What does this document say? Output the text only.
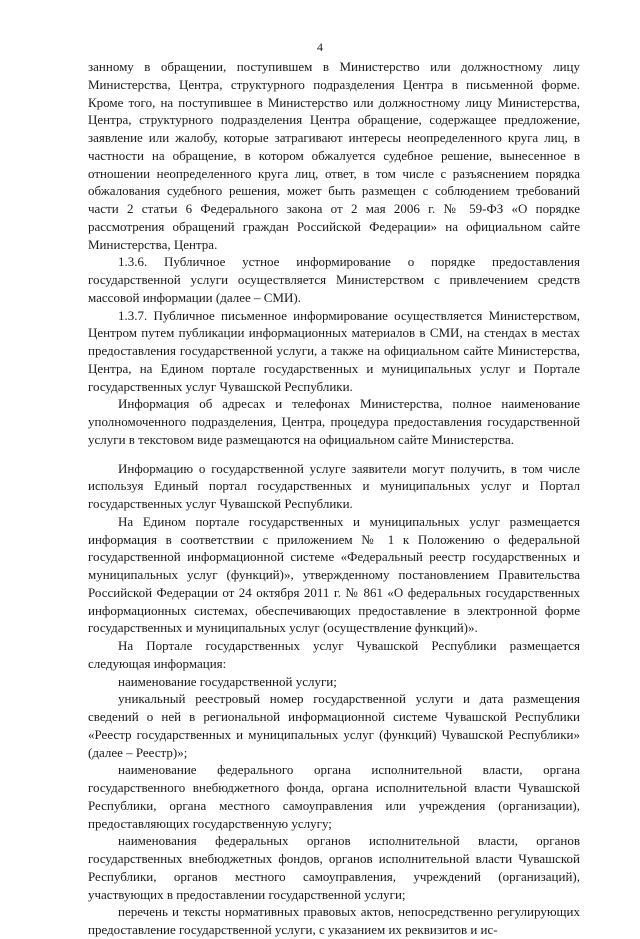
4

занному в обращении, поступившем в Министерство или должностному лицу Министерства, Центра, структурного подразделения Центра в письменной форме. Кроме того, на поступившее в Министерство или должностному лицу Министерства, Центра, структурного подразделения Центра обращение, содержащее предложение, заявление или жалобу, которые затрагивают интересы неопределенного круга лиц, в частности на обращение, в котором обжалуется судебное решение, вынесенное в отношении неопределенного круга лиц, ответ, в том числе с разъяснением порядка обжалования судебного решения, может быть размещен с соблюдением требований части 2 статьи 6 Федерального закона от 2 мая 2006 г. № 59-ФЗ «О порядке рассмотрения обращений граждан Российской Федерации» на официальном сайте Министерства, Центра.

1.3.6. Публичное устное информирование о порядке предоставления государственной услуги осуществляется Министерством с привлечением средств массовой информации (далее – СМИ).

1.3.7. Публичное письменное информирование осуществляется Министерством, Центром путем публикации информационных материалов в СМИ, на стендах в местах предоставления государственной услуги, а также на официальном сайте Министерства, Центра, на Едином портале государственных и муниципальных услуг и Портале государственных услуг Чувашской Республики.

Информация об адресах и телефонах Министерства, полное наименование уполномоченного подразделения, Центра, процедура предоставления государственной услуги в текстовом виде размещаются на официальном сайте Министерства.

Информацию о государственной услуге заявители могут получить, в том числе используя Единый портал государственных и муниципальных услуг и Портал государственных услуг Чувашской Республики.

На Едином портале государственных и муниципальных услуг размещается информация в соответствии с приложением № 1 к Положению о федеральной государственной информационной системе «Федеральный реестр государственных и муниципальных услуг (функций)», утвержденному постановлением Правительства Российской Федерации от 24 октября 2011 г. № 861 «О федеральных государственных информационных системах, обеспечивающих предоставление в электронной форме государственных и муниципальных услуг (осуществление функций)».

На Портале государственных услуг Чувашской Республики размещается следующая информация:

наименование государственной услуги;

уникальный реестровый номер государственной услуги и дата размещения сведений о ней в региональной информационной системе Чувашской Республики «Реестр государственных и муниципальных услуг (функций) Чувашской Республики» (далее – Реестр)»;

наименование федерального органа исполнительной власти, органа государственного внебюджетного фонда, органа исполнительной власти Чувашской Республики, органа местного самоуправления или учреждения (организации), предоставляющих государственную услугу;

наименования федеральных органов исполнительной власти, органов государственных внебюджетных фондов, органов исполнительной власти Чувашской Республики, органов местного самоуправления, учреждений (организаций), участвующих в предоставлении государственной услуги;

перечень и тексты нормативных правовых актов, непосредственно регулирующих предоставление государственной услуги, с указанием их реквизитов и ис-
